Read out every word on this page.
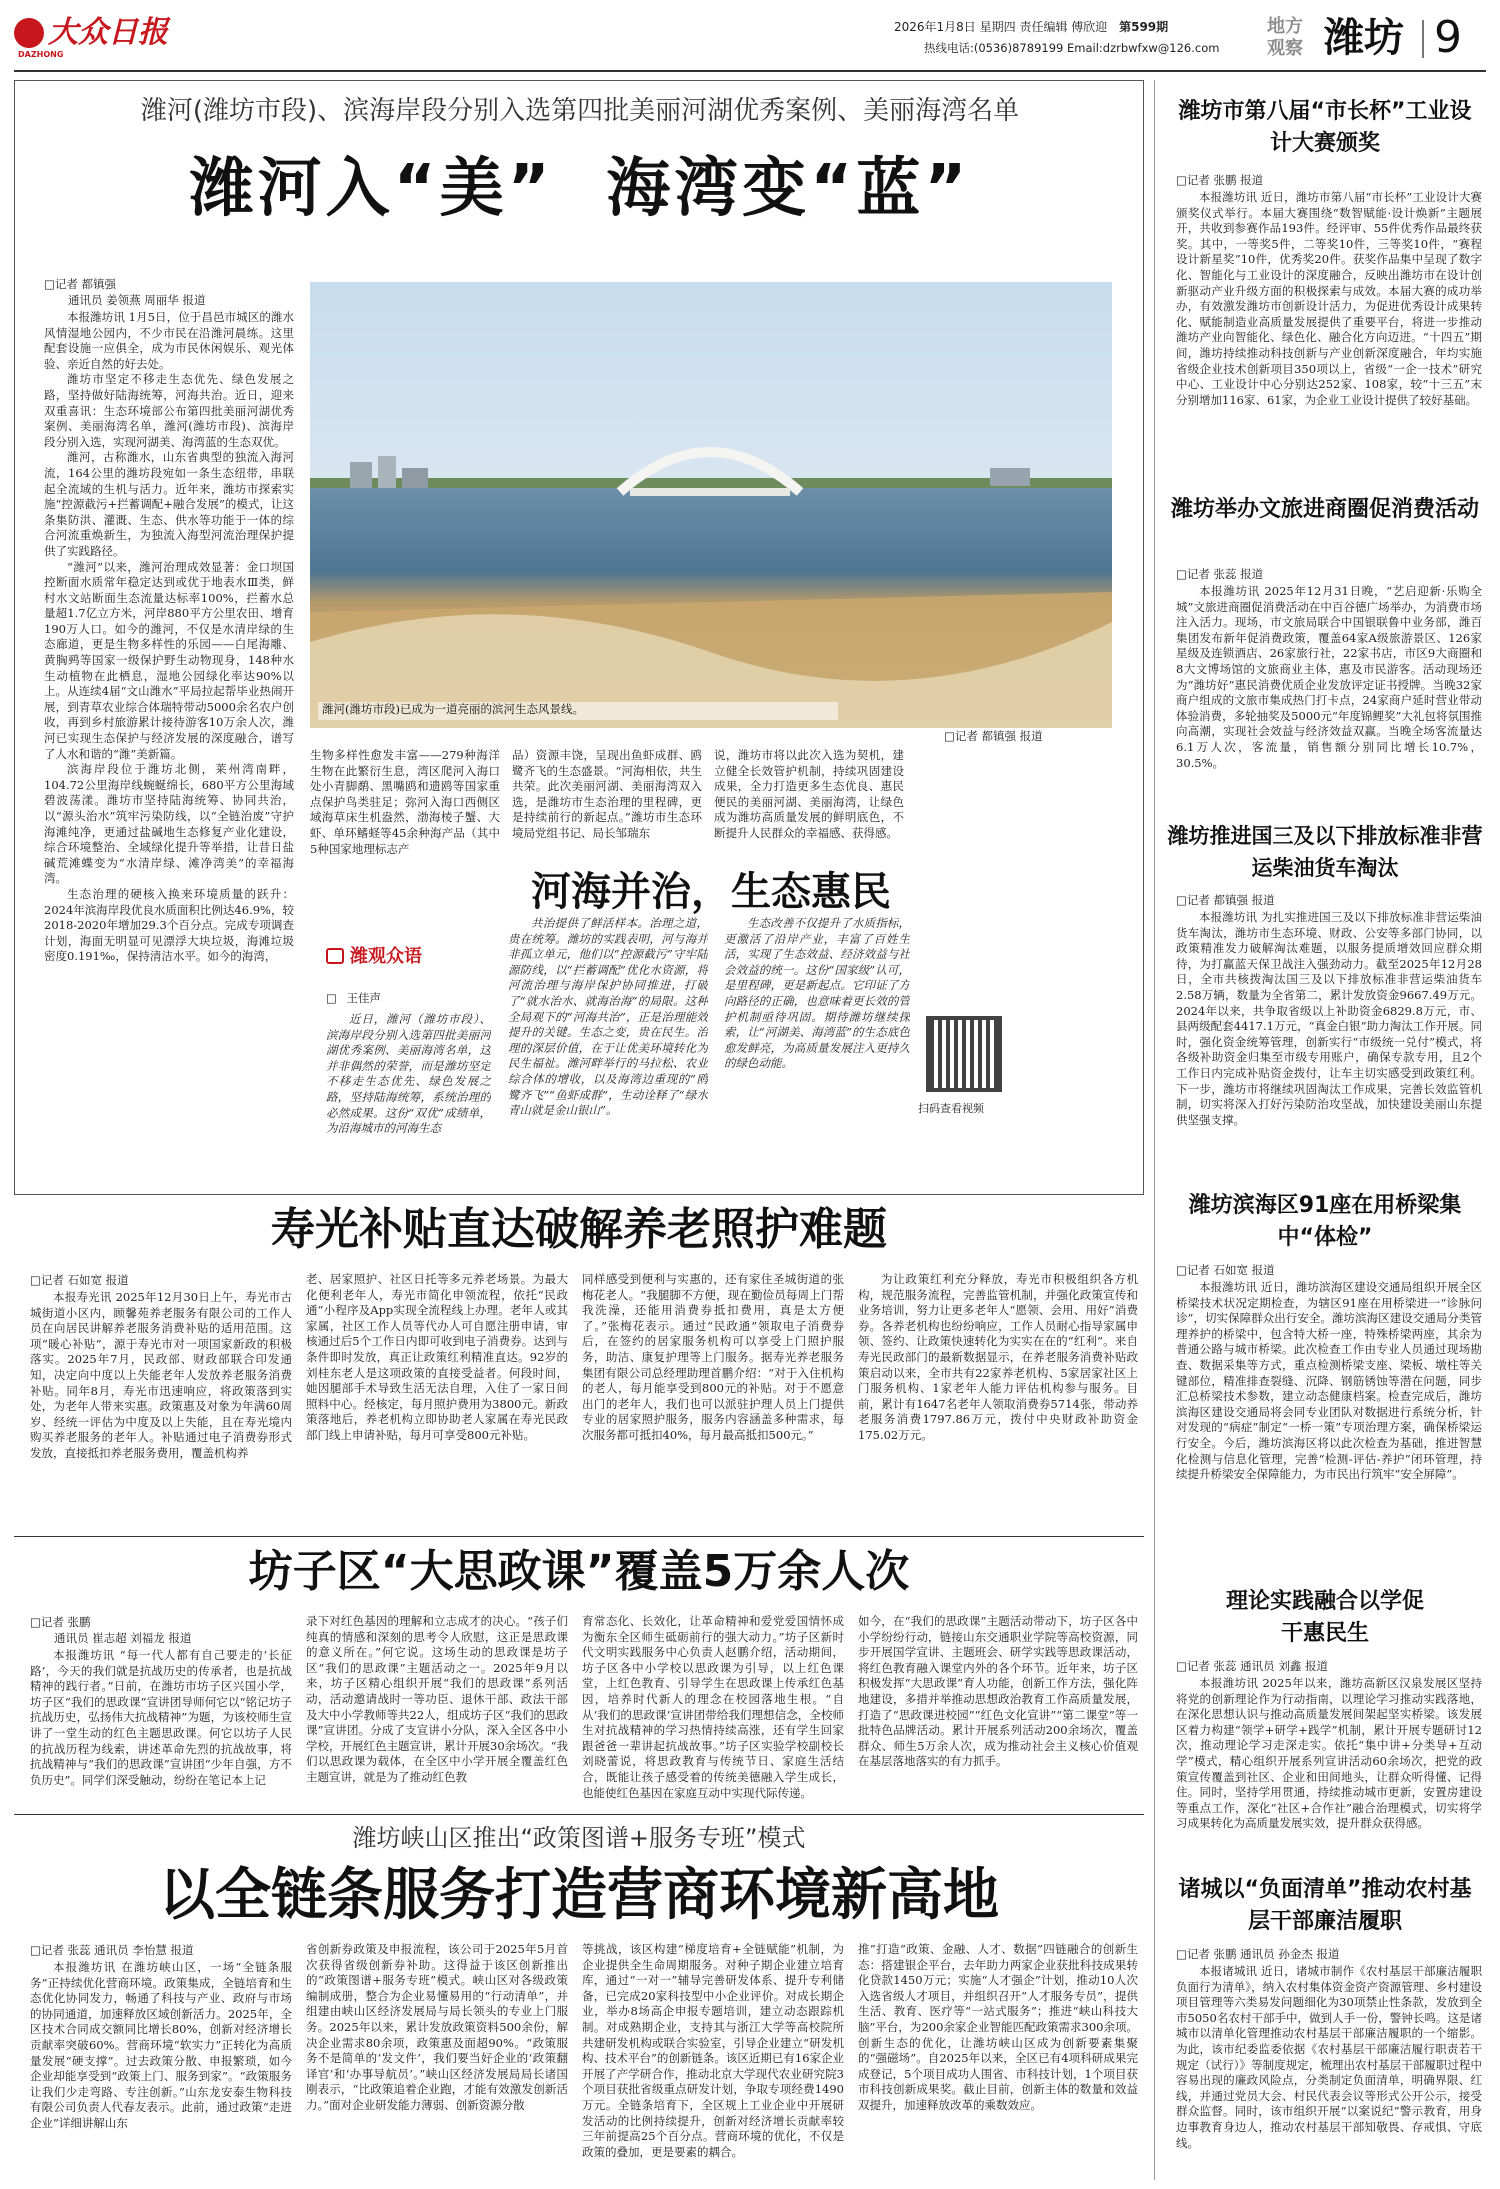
大众日报
DAZHONG
2026年1月8日 星期四 责任编辑 傅欣迎 第599期
热线电话:(0536)8789199 Email:dzrbwfxw@126.com
地方
观察 潍坊 9
潍河(潍坊市段)、滨海岸段分别入选第四批美丽河湖优秀案例、美丽海湾名单
潍河入“美”  海湾变“蓝”
□记者 都镇强
通讯员 姜领燕 周丽华 报道

本报潍坊讯 1月5日，位于昌邑市城区的潍水风情湿地公园内，不少市民在沿潍河晨练。这里配套设施一应俱全，成为市民休闲娱乐、观光体验、亲近自然的好去处。

潍坊市坚定不移走生态优先、绿色发展之路，坚持做好陆海统筹，河海共治。近日，迎来双重喜讯：生态环境部公布第四批美丽河湖优秀案例、美丽海湾名单，潍河(潍坊市段)、滨海岸段分别入选，实现河湖美、海湾蓝的生态双优。

潍河，古称潍水，山东省典型的独流入海河流，164公里的潍坊段宛如一条生态纽带，串联起全流域的生机与活力。近年来，潍坊市探索实施“控源截污+拦蓄调配+融合发展”的模式，让这条集防洪、灌溉、生态、供水等功能于一体的综合河流重焕新生，为独流入海型河流治理保护提供了实践路径。

“潍河”以来，潍河治理成效显著：金口坝国控断面水质常年稳定达到或优于地表水Ⅲ类，鲜村水文站断面生态流量达标率100%，拦蓄水总量超1.7亿立方米，河岸880平方公里农田、增育190万人口。如今的潍河，不仅是水清岸绿的生态廊道，更是生物多样性的乐园——白尾海雕、黄胸鹀等国家一级保护野生动物现身，148种水生动植物在此栖息，湿地公园绿化率达90%以上。从连续4届“文山潍水”平局拉起帮毕业热闹开展，到青草农业综合体瑞特带动5000余名农户创收，再到乡村旅游累计接待游客10万余人次，潍河已实现生态保护与经济发展的深度融合，谱写了人水和谐的“潍”美新篇。

滨海岸段位于潍坊北侧，莱州湾南畔，104.72公里海岸线蜿蜒绵长，680平方公里海域碧波荡漾。潍坊市坚持陆海统筹、协同共治，以“源头治水”筑牢污染防线，以“全链治废”守护海滩纯净，更通过盐碱地生态修复产业化建设，综合环境整治、全域绿化提升等举措，让昔日盐碱荒滩蝶变为“水清岸绿、滩净湾美”的幸福海湾。

生态治理的硬核入换来环境质量的跃升：2024年滨海岸段优良水质面积比例达46.9%，较2018-2020年增加29.3个百分点。完成专项调查计划，海面无明显可见漂浮大块垃圾，海滩垃圾密度0.191‰，保持清洁水平。如今的海湾，

潍河(潍坊市段)已成为一道亮丽的滨河生态风景线。
□记者 都镇强 报道

生物多样性愈发丰富——279种海洋生物在此繁衍生息，湾区爬河入海口处小青脚鹬、黑嘴鸥和遗鸥等国家重点保护鸟类驻足；弥河入海口西侧区域海草床生机盎然，渤海棱子蟹、大虾、单环鳍蛏等45余种海产品（其中5种国家地理标志产

品）资源丰饶，呈现出鱼虾成群、鸥鹭齐飞的生态盛景。“河海相依，共生共荣。此次美丽河湖、美丽海湾双入选，是潍坊市生态治理的里程碑，更是持续前行的新起点。”潍坊市生态环境局党组书记、局长邹瑞东

说，潍坊市将以此次入选为契机，建立健全长效管护机制，持续巩固建设成果，全力打造更多生态优良、惠民便民的美丽河湖、美丽海湾，让绿色成为潍坊高质量发展的鲜明底色，不断提升人民群众的幸福感、获得感。

河海并治，生态惠民
潍观众语
□ 王佳声

近日，潍河（潍坊市段）、滨海岸段分别入选第四批美丽河湖优秀案例、美丽海湾名单，这并非偶然的荣誉，而是潍坊坚定不移走生态优先、绿色发展之路，坚持陆海统筹，系统治理的必然成果。这份“双优”成绩单，为沿海城市的河海生态

共治提供了鲜活样本。治理之道，贵在统筹。潍坊的实践表明，河与海并非孤立单元，他们以“控源截污”守牢陆源防线，以“拦蓄调配”优化水资源，将河流治理与海岸保护协同推进，打破了“就水治水、就海治海”的局限。这种全局观下的“河海共治”，正是治理能效提升的关键。生态之变，贵在民生。治理的深层价值，在于让优美环境转化为民生福祉。潍河畔举行的马拉松、农业综合体的增收，以及海湾边重现的“鸥鹭齐飞”“鱼虾成群”，生动诠释了“绿水青山就是金山银山”。

生态改善不仅提升了水质指标，更激活了沿岸产业，丰富了百姓生活，实现了生态效益、经济效益与社会效益的统一。这份“国家级”认可，是里程碑，更是新起点。它印证了方向路径的正确，也意味着更长效的管护机制亟待巩固。期待潍坊继续探索，让“河湖美、海湾蓝”的生态底色愈发鲜亮，为高质量发展注入更持久的绿色动能。

扫码查看视频
寿光补贴直达破解养老照护难题
□记者 石如宽 报道

本报寿光讯 2025年12月30日上午，寿光市古城街道小区内，顾馨苑养老服务有限公司的工作人员在向居民讲解养老服务消费补贴的适用范围。这项“暖心补贴”，源于寿光市对一项国家新政的积极落实。2025年7月，民政部、财政部联合印发通知，决定向中度以上失能老年人发放养老服务消费补贴。同年8月，寿光市迅速响应，将政策落到实处，为老年人带来实惠。政策惠及对象为年满60周岁、经统一评估为中度及以上失能，且在寿光境内购买养老服务的老年人。补贴通过电子消费券形式发放，直接抵扣养老服务费用，覆盖机构养

老、居家照护、社区日托等多元养老场景。为最大化便利老年人，寿光市简化申领流程，依托“民政通”小程序及App实现全流程线上办理。老年人或其家属，社区工作人员等代办人可自愿注册申请，审核通过后5个工作日内即可收到电子消费券。达到与条件即时发放，真正让政策红利精准直达。92岁的刘桂东老人是这项政策的直接受益者。何段时间，她因腿部手术导致生活无法自理，入住了一家日间照料中心。经核定，每月照护费用为3800元。新政策落地后，养老机构立即协助老人家属在寿光民政部门线上申请补贴，每月可享受800元补贴。

同样感受到便利与实惠的，还有家住圣城街道的张梅花老人。“我腿脚不方便，现在勤俭员每周上门帮我洗澡，还能用消费券抵扣费用，真是太方便了。”张梅花表示。通过“民政通”领取电子消费券后，在签约的居家服务机构可以享受上门照护服务，助洁、康复护理等上门服务。据寿光养老服务集团有限公司总经理助理首鹏介绍：“对于入住机构的老人，每月能享受到800元的补贴。对于不愿意出门的老年人，我们也可以派驻护理人员上门提供专业的居家照护服务，服务内容涵盖多种需求，每次服务都可抵扣40%，每月最高抵扣500元。”

为让政策红利充分释放，寿光市积极组织各方机构，规范服务流程，完善监管机制，并强化政策宣传和业务培训，努力让更多老年人“愿领、会用、用好”消费券。各养老机构也纷纷响应，工作人员耐心指导家属申领、签约、让政策快速转化为实实在在的“红利”。来自寿光民政部门的最新数据显示，在养老服务消费补贴政策启动以来，全市共有22家养老机构、5家居家社区上门服务机构、1家老年人能力评估机构参与服务。目前，累计有1647名老年人领取消费券5714张，带动养老服务消费1797.86万元，拨付中央财政补助资金175.02万元。

坊子区“大思政课”覆盖5万余人次
□记者 张鹏
通讯员 崔志超 刘福龙 报道

本报潍坊讯 “每一代人都有自己要走的‘长征路’，今天的我们就是抗战历史的传承者，也是抗战精神的践行者。”日前，在潍坊市坊子区兴国小学，坊子区“我们的思政课”宣讲团导师何它以“铭记坊子抗战历史，弘扬伟大抗战精神”为题，为该校师生宣讲了一堂生动的红色主题思政课。何它以坊子人民的抗战历程为线索，讲述革命先烈的抗战故事，将抗战精神与“我们的思政课”宣讲团“少年自强，方不负历史”。同学们深受触动，纷纷在笔记本上记

录下对红色基因的理解和立志成才的决心。“孩子们纯真的情感和深刻的思考令人欣慰，这正是思政课的意义所在。”何它说。这场生动的思政课是坊子区“我们的思政课”主题活动之一。2025年9月以来，坊子区精心组织开展“我们的思政课”系列活动，活动邀请战时一等功臣、退休干部、政法干部及大中小学教师等共22人，组成坊子区“我们的思政课”宣讲团。分成了支宣讲小分队，深入全区各中小学校，开展红色主题宣讲，累计开展30余场次。“我们以思政课为载体，在全区中小学开展全覆盖红色主题宣讲，就是为了推动红色教

育常态化、长效化，让革命精神和爱党爱国情怀成为衡东全区师生砥砺前行的强大动力。”坊子区新时代文明实践服务中心负责人赵鹏介绍，活动期间，坊子区各中小学校以思政课为引导，以上红色课堂，上红色教育、引导学生在思政课上传承红色基因，培养时代新人的理念在校园落地生根。“自从‘我们的思政课’宣讲团带给我们理想信念，全校师生对抗战精神的学习热情持续高涨，还有学生回家跟爸爸一辈讲起抗战故事。”坊子区实验学校副校长刘晓蕾说，将思政教育与传统节日、家庭生活结合，既能让孩子感受着的传统美德融入学生成长，也能使红色基因在家庭互动中实现代际传递。

如今，在“我们的思政课”主题活动带动下，坊子区各中小学纷纷行动，链接山东交通职业学院等高校资源，同步开展国学宣讲、主题班会、研学实践等思政课活动，将红色教育融入课堂内外的各个环节。近年来，坊子区积极发挥“大思政课”育人功能，创新工作方法，强化阵地建设，多措并举推动思想政治教育工作高质量发展，打造了“思政课进校园”“红色文化宣讲”“第二课堂”等一批特色品牌活动。累计开展系列活动200余场次，覆盖群众、师生5万余人次，成为推动社会主义核心价值观在基层落地落实的有力抓手。

潍坊峡山区推出“政策图谱+服务专班”模式
以全链条服务打造营商环境新高地
□记者 张蕊 通讯员 李怡慧 报道

本报潍坊讯 在潍坊峡山区，一场“全链条服务”正持续优化营商环境。政策集成，全链培育和生态优化协同发力，畅通了科技与产业、政府与市场的协同通道，加速释放区域创新活力。2025年，全区技术合同成交额同比增长80%，创新对经济增长贡献率突破60%。营商环境“软实力”正转化为高质量发展“硬支撑”。过去政策分散、申报繁琐，如今企业却能享受到“政策上门、服务到家”。“政策服务让我们少走弯路、专注创新。”山东龙安泰生物科技有限公司负责人代春友表示。此前，通过政策“走进企业”详细讲解山东

省创新券政策及申报流程，该公司于2025年5月首次获得省级创新券补助。这得益于该区创新推出的“政策图谱+服务专班”模式。峡山区对各级政策编制成册，整合为企业易懂易用的“行动清单”，并组建由峡山区经济发展局与局长领头的专业上门服务。2025年以来，累计发放政策资料500余份，解决企业需求80余项，政策惠及面超90%。“政策服务不是简单的‘发文件’，我们要当好企业的‘政策翻译官’和‘办事导航员’。”峡山区经济发展局局长诸国刚表示，“比政策追着企业跑，才能有效激发创新活力。”面对企业研发能力薄弱、创新资源分散

等挑战，该区构建“梯度培育+全链赋能”机制，为企业提供全生命周期服务。对种子期企业建立培育库，通过“一对一”辅导完善研发体系、提升专利储备，已完成20家科技型中小企业评价。对成长期企业，举办8场高企申报专题培训，建立动态跟踪机制。对成熟期企业，支持其与浙江大学等高校院所共建研发机构或联合实验室，引导企业建立“研发机构、技术平台”的创新链条。该区近期已有16家企业开展了产学研合作，推动北京大学现代农业研究院3个项目获批省级重点研发计划，争取专项经费1490万元。全链条培育下，全区规上工业企业中开展研发活动的比例持续提升，创新对经济增长贡献率较三年前提高25个百分点。营商环境的优化，不仅是政策的叠加，更是要素的耦合。

推”打造“政策、金融、人才、数据”四链融合的创新生态：搭建银企平台，去年助力两家企业获批科技成果转化贷款1450万元；实施“人才强企”计划，推动10人次入选省级人才项目，并组织召开“人才服务专员”，提供生活、教育、医疗等“一站式服务”；推进“峡山科技大脑”平台，为200余家企业智能匹配政策需求300余项。创新生态的优化，让潍坊峡山区成为创新要素集聚的“强磁场”。自2025年以来，全区已有4项科研成果完成登记，5个项目成功人围省、市科技计划，1个项目获市科技创新成果奖。截止目前，创新主体的数量和效益双提升，加速释放改革的乘数效应。

潍坊市第八届“市长杯”工业设计大赛颁奖
□记者 张鹏 报道

本报潍坊讯 近日，潍坊市第八届“市长杯”工业设计大赛颁奖仪式举行。本届大赛围绕“数智赋能·设计焕新”主题展开，共收到参赛作品193件。经评审、55件优秀作品最终获奖。其中，一等奖5件，二等奖10件，三等奖10件，“赛程设计新星奖”10件，优秀奖20件。获奖作品集中呈现了数字化、智能化与工业设计的深度融合，反映出潍坊市在设计创新驱动产业升级方面的积极探索与成效。本届大赛的成功举办，有效激发潍坊市创新设计活力，为促进优秀设计成果转化、赋能制造业高质量发展提供了重要平台，将进一步推动潍坊产业向智能化、绿色化、融合化方向迈进。“十四五”期间，潍坊持续推动科技创新与产业创新深度融合，年均实施省级企业技术创新项目350项以上，省级“一企一技术”研究中心、工业设计中心分别达252家、108家，较“十三五”末分别增加116家、61家，为企业工业设计提供了较好基础。

潍坊举办文旅进商圈促消费活动
□记者 张蕊 报道

本报潍坊讯 2025年12月31日晚，“艺启迎新·乐购全城”文旅进商圈促消费活动在中百谷德广场举办，为消费市场注入活力。现场，市文旅局联合中国银联鲁中业务部，潍百集团发布新年促消费政策，覆盖64家A级旅游景区、126家星级及连锁酒店、26家旅行社，22家书店，市区9大商圈和8大文博场馆的文旅商业主体，惠及市民游客。活动现场还为“潍坊好”惠民消费优质企业发放评定证书授牌。当晚32家商户组成的文旅市集成热门打卡点，24家商户延时营业带动体验消费，多轮抽奖及5000元“年度锦鲤奖”大礼包将氛围推向高潮，实现社会效益与经济效益双赢。当晚全场客流量达6.1万人次，客流量，销售额分别同比增长10.7%，30.5%。

潍坊推进国三及以下排放标准非营运柴油货车淘汰
□记者 都镇强 报道

本报潍坊讯 为扎实推进国三及以下排放标准非营运柴油货车淘汰，潍坊市生态环境、财政、公安等多部门协同，以政策精准发力破解淘汰难题，以服务提质增效回应群众期待，为打赢蓝天保卫战注入强劲动力。截至2025年12月28日，全市共核拨淘汰国三及以下排放标准非营运柴油货车2.58万辆，数量为全省第二，累计发放资金9667.49万元。2024年以来，共争取省级以上补助资金6829.8万元，市、县两级配套4417.1万元，“真金白银”助力淘汰工作开展。同时，强化资金统筹管理，创新实行“市级统一兑付”模式，将各级补助资金归集至市级专用账户，确保专款专用，且2个工作日内完成补贴资金拨付，让车主切实感受到政策红利。下一步，潍坊市将继续巩固淘汰工作成果，完善长效监管机制，切实将深入打好污染防治攻坚战，加快建设美丽山东提供坚强支撑。

潍坊滨海区91座在用桥梁集中“体检”
□记者 石如宽 报道

本报潍坊讯 近日，潍坊滨海区建设交通局组织开展全区桥梁技术状况定期检查，为辖区91座在用桥梁进一“诊脉问诊”，切实保障群众出行安全。潍坊滨海区建设交通局分类管理养护的桥梁中，包含特大桥一座，特殊桥梁两座，其余为普通公路与城市桥梁。此次检查工作由专业人员通过现场勘查、数据采集等方式，重点检测桥梁支座、梁板、墩柱等关键部位，精准排查裂缝、沉降、钢筋锈蚀等潜在问题，同步汇总桥梁技术参数，建立动态健康档案。检查完成后，潍坊滨海区建设交通局将会同专业团队对数据进行系统分析，针对发现的“病症”制定“一桥一策”专项治理方案，确保桥梁运行安全。今后，潍坊滨海区将以此次检查为基础，推进智慧化检测与信息化管理，完善“检测-评估-养护”闭环管理，持续提升桥梁安全保障能力，为市民出行筑牢“安全屏障”。

理论实践融合以学促干惠民生
□记者 张蕊 通讯员 刘鑫 报道

本报潍坊讯 2025年以来，潍坊高新区汉泉发展区坚持将党的创新理论作为行动指南，以理论学习推动实践落地，在深化思想认识与推动高质量发展间架起坚实桥梁。该发展区着力构建“领学+研学+践学”机制，累计开展专题研讨12次，推动理论学习走深走实。依托“集中讲+分类导+互动学”模式，精心组织开展系列宣讲活动60余场次，把党的政策宣传覆盖到社区、企业和田间地头，让群众听得懂、记得住。同时，坚持学用贯通，持续推动城市更新，安置房建设等重点工作，深化“社区+合作社”融合治理模式，切实将学习成果转化为高质量发展实效，提升群众获得感。

诸城以“负面清单”推动农村基层干部廉洁履职
□记者 张鹏 通讯员 孙金杰 报道

本报诸城讯 近日，诸城市制作《农村基层干部廉洁履职负面行为清单》，纳入农村集体资金资产资源管理、乡村建设项目管理等六类易发问题细化为30项禁止性条款，发放到全市5050名农村干部手中，做到人手一份，警钟长鸣。这是诸城市以清单化管理推动农村基层干部廉洁履职的一个缩影。为此，该市纪委监委依据《农村基层干部廉洁履行职责若干规定（试行）》等制度规定，梳理出农村基层干部履职过程中容易出现的廉政风险点，分类制定负面清单，明确界限、红线，并通过党员大会、村民代表会议等形式公开公示，接受群众监督。同时，该市组织开展“以案说纪”警示教育，用身边事教育身边人，推动农村基层干部知敬畏、存戒惧、守底线。
